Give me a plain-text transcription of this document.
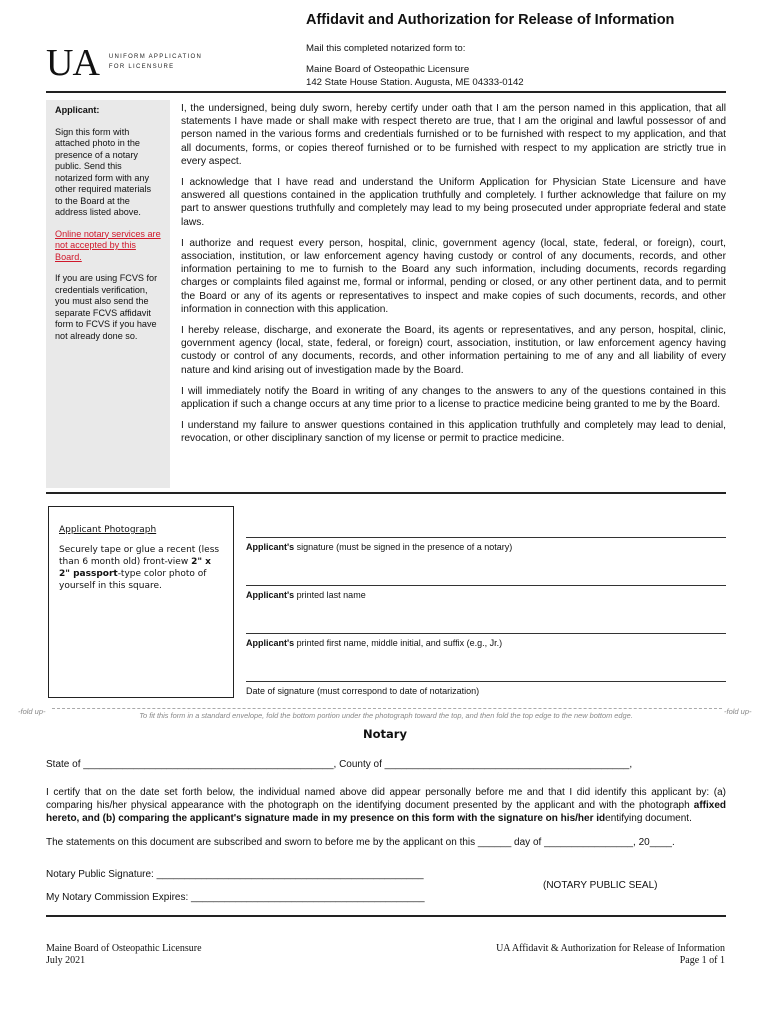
Affidavit and Authorization for Release of Information
Mail this completed notarized form to:
Maine Board of Osteopathic Licensure
142 State House Station. Augusta, ME 04333-0142
UA UNIFORM APPLICATION
FOR LICENSURE
Applicant:

Sign this form with attached photo in the presence of a notary public. Send this notarized form with any other required materials to the Board at the address listed above.

Online notary services are not accepted by this Board.

If you are using FCVS for credentials verification, you must also send the separate FCVS affidavit form to FCVS if you have not already done so.

I, the undersigned, being duly sworn, hereby certify under oath that I am the person named in this application, that all statements I have made or shall make with respect thereto are true, that I am the original and lawful possessor of and person named in the various forms and credentials furnished or to be furnished with respect to my application, and that all documents, forms, or copies thereof furnished or to be furnished with respect to my application are strictly true in every aspect.

I acknowledge that I have read and understand the Uniform Application for Physician State Licensure and have answered all questions contained in the application truthfully and completely. I further acknowledge that failure on my part to answer questions truthfully and completely may lead to my being prosecuted under appropriate federal and state laws.

I authorize and request every person, hospital, clinic, government agency (local, state, federal, or foreign), court, association, institution, or law enforcement agency having custody or control of any documents, records, and other information pertaining to me to furnish to the Board any such information, including documents, records regarding charges or complaints filed against me, formal or informal, pending or closed, or any other pertinent data, and to permit the Board or any of its agents or representatives to inspect and make copies of such documents, records, and other information in connection with this application.

I hereby release, discharge, and exonerate the Board, its agents or representatives, and any person, hospital, clinic, government agency (local, state, federal, or foreign) court, association, institution, or law enforcement agency having custody or control of any documents, records, and other information pertaining to me of any and all liability of every nature and kind arising out of investigation made by the Board.

I will immediately notify the Board in writing of any changes to the answers to any of the questions contained in this application if such a change occurs at any time prior to a license to practice medicine being granted to me by the Board.

I understand my failure to answer questions contained in this application truthfully and completely may lead to denial, revocation, or other disciplinary sanction of my license or permit to practice medicine.

Applicant Photograph
Securely tape or glue a recent (less than 6 month old) front-view 2" x 2" passport-type color photo of yourself in this square.
Applicant's signature (must be signed in the presence of a notary)
Applicant's printed last name
Applicant's printed first name, middle initial, and suffix (e.g., Jr.)
Date of signature (must correspond to date of notarization)
-fold up-	-fold up-
To fit this form in a standard envelope, fold the bottom portion under the photograph toward the top, and then fold the top edge to the new bottom edge.
Notary
State of _____________________________________________, County of ____________________________________________,
I certify that on the date set forth below, the individual named above did appear personally before me and that I did identify this applicant by: (a) comparing his/her physical appearance with the photograph on the identifying document presented by the applicant and with the photograph affixed hereto, and (b) comparing the applicant's signature made in my presence on this form with the signature on his/her identifying document.
The statements on this document are subscribed and sworn to before me by the applicant on this ______ day of ________________, 20____.
Notary Public Signature: ________________________________________________
(NOTARY PUBLIC SEAL)
My Notary Commission Expires: __________________________________________
Maine Board of Osteopathic Licensure
July 2021
UA Affidavit & Authorization for Release of Information
Page 1 of 1
